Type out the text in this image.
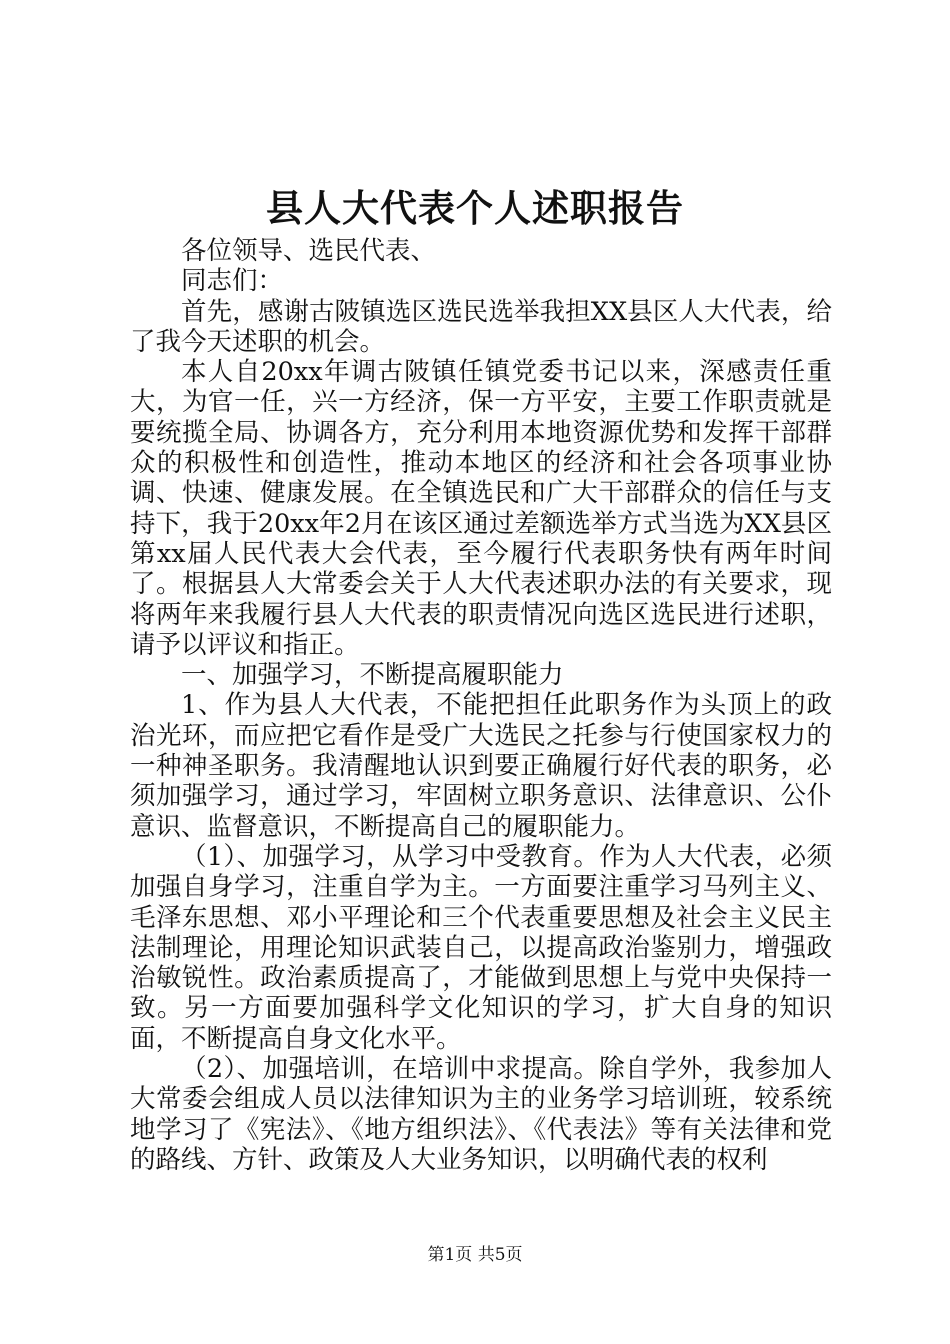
县人大代表个人述职报告

各位领导、选民代表、

同志们：

首先，感谢古陂镇选区选民选举我担XX县区人大代表，给了我今天述职的机会。

本人自20xx年调古陂镇任镇党委书记以来，深感责任重大，为官一任，兴一方经济，保一方平安，主要工作职责就是要统揽全局、协调各方，充分利用本地资源优势和发挥干部群众的积极性和创造性，推动本地区的经济和社会各项事业协调、快速、健康发展。在全镇选民和广大干部群众的信任与支持下，我于20xx年2月在该区通过差额选举方式当选为XX县区第xx届人民代表大会代表，至今履行代表职务快有两年时间了。根据县人大常委会关于人大代表述职办法的有关要求，现将两年来我履行县人大代表的职责情况向选区选民进行述职，请予以评议和指正。

一、加强学习，不断提高履职能力

1、作为县人大代表，不能把担任此职务作为头顶上的政治光环，而应把它看作是受广大选民之托参与行使国家权力的一种神圣职务。我清醒地认识到要正确履行好代表的职务，必须加强学习，通过学习，牢固树立职务意识、法律意识、公仆意识、监督意识，不断提高自己的履职能力。

（1）、加强学习，从学习中受教育。作为人大代表，必须加强自身学习，注重自学为主。一方面要注重学习马列主义、毛泽东思想、邓小平理论和三个代表重要思想及社会主义民主法制理论，用理论知识武装自己，以提高政治鉴别力，增强政治敏锐性。政治素质提高了，才能做到思想上与党中央保持一致。另一方面要加强科学文化知识的学习，扩大自身的知识面，不断提高自身文化水平。

（2）、加强培训，在培训中求提高。除自学外，我参加人大常委会组成人员以法律知识为主的业务学习培训班，较系统地学习了《宪法》、《地方组织法》、《代表法》等有关法律和党的路线、方针、政策及人大业务知识，以明确代表的权利

第1页 共5页
